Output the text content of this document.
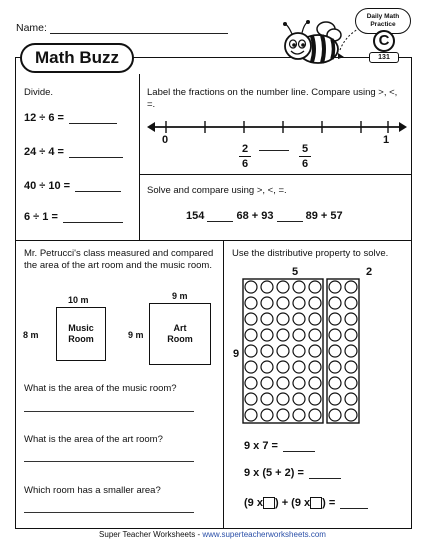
Name:
Math Buzz
Daily Math
Practice
C
131
Divide.
12 ÷ 6 =
24 ÷ 4 =
40 ÷ 10 =
6 ÷ 1 =
Label the fractions on the number line. Compare using >, <, =.
0	1
2
6
5
6
Solve and compare using >, <, =.
154	68 + 93	89 + 57
Mr. Petrucci's class measured and compared the area of the art room and the music room.
10 m
Music
Room
8 m
9 m
Art
Room
9 m
What is the area of the music room?
What is the area of the art room?
Which room has a smaller area?
Use the distributive property to solve.
5	2
9
9 x 7 =
9 x (5 + 2) =
(9 x ) + (9 x ) =
Super Teacher Worksheets - www.superteacherworksheets.com
